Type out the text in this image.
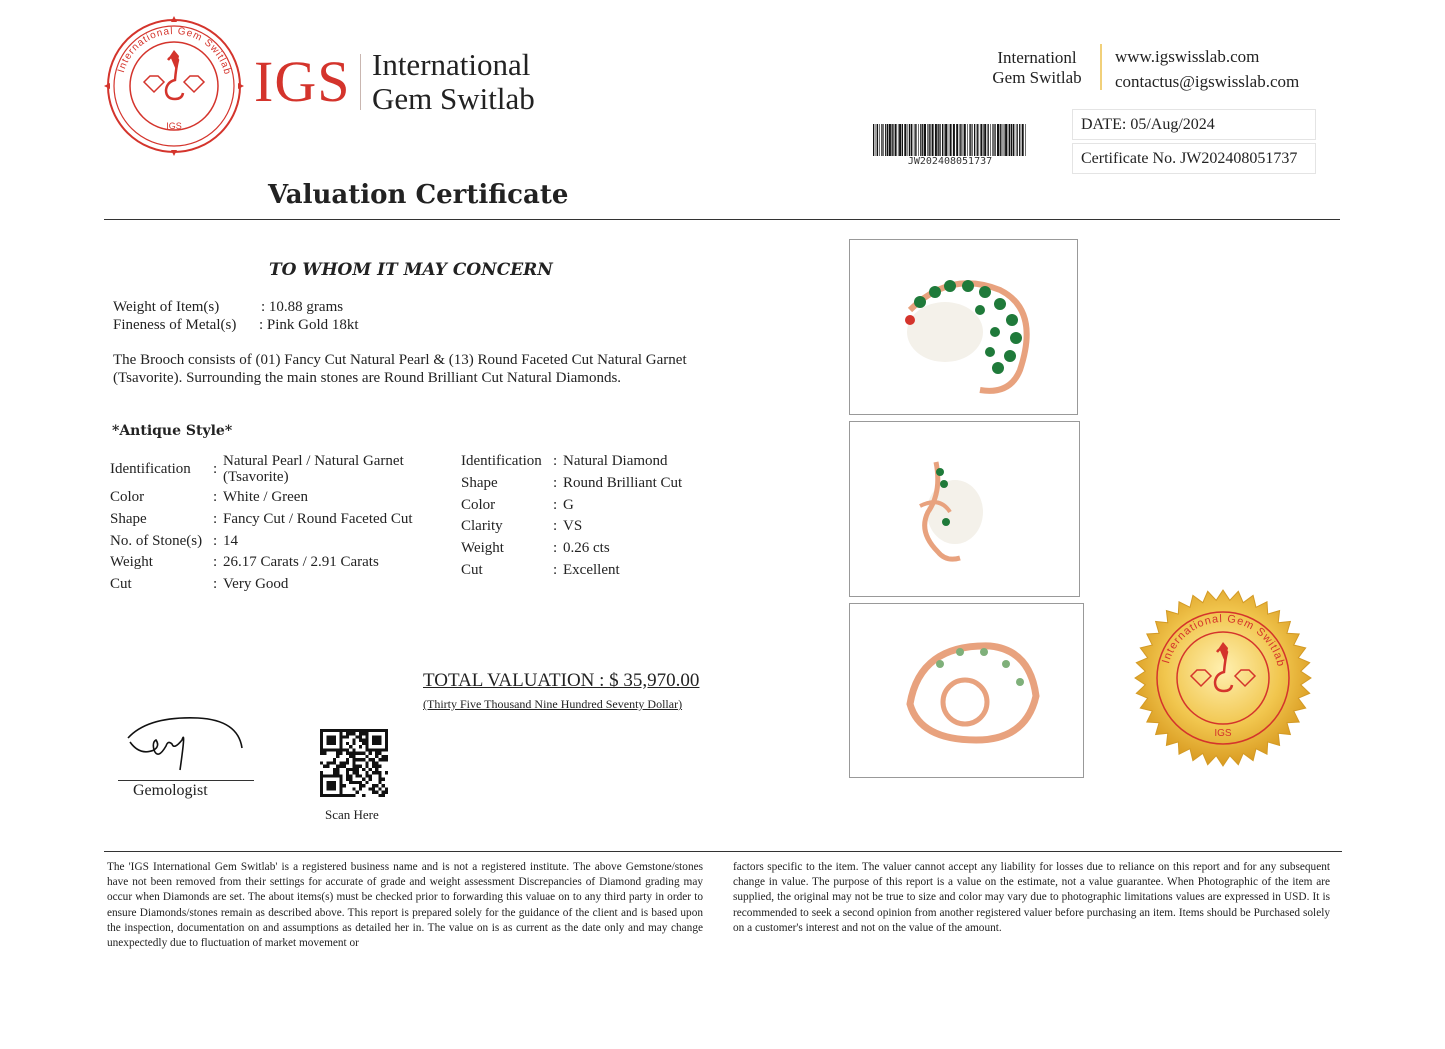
International Gem Switlab
IGS
IGS International
Gem Switlab
Internationl
Gem Switlab
www.igswisslab.com
contactus@igswisslab.com
JW202408051737
DATE: 05/Aug/2024
Certificate No. JW202408051737
Valuation Certificate
TO WHOM IT MAY CONCERN
Weight of Item(s)	: 10.88 grams
Fineness of Metal(s) : Pink Gold 18kt
The Brooch consists of (01) Fancy Cut Natural Pearl & (13) Round Faceted Cut Natural Garnet (Tsavorite). Surrounding the main stones are Round Brilliant Cut Natural Diamonds.
*Antique Style*
Identification	:	Natural Pearl / Natural Garnet (Tsavorite)
Color	:	White / Green
Shape	:	Fancy Cut / Round Faceted Cut
No. of Stone(s)	:	14
Weight	:	26.17 Carats / 2.91 Carats
Cut	:	Very Good
Identification	:	Natural Diamond
Shape	:	Round Brilliant Cut
Color	:	G
Clarity	:	VS
Weight	:	0.26 cts
Cut	:	Excellent
TOTAL VALUATION : $ 35,970.00
(Thirty Five Thousand Nine Hundred Seventy Dollar)
Gemologist
Scan Here
International Gem Switlab
IGS
The 'IGS International Gem Switlab' is a registered business name and is not a registered institute. The above Gemstone/stones have not been removed from their settings for accurate of grade and weight assessment Discrepancies of Diamond grading may occur when Diamonds are set. The about items(s) must be checked prior to forwarding this valuae on to any third party in order to ensure Diamonds/stones remain as described above. This report is prepared solely for the guidance of the client and is based upon the inspection, documentation on and assumptions as detailed her in. The value on is as current as the date only and may change unexpectedly due to fluctuation of market movement or
factors specific to the item. The valuer cannot accept any liability for losses due to reliance on this report and for any subsequent change in value. The purpose of this report is a value on the estimate, not a value guarantee. When Photographic of the item are supplied, the original may not be true to size and color may vary due to photographic limitations values are expressed in USD. It is recommended to seek a second opinion from another registered valuer before purchasing an item. Items should be Purchased solely on a customer's interest and not on the value of the amount.
